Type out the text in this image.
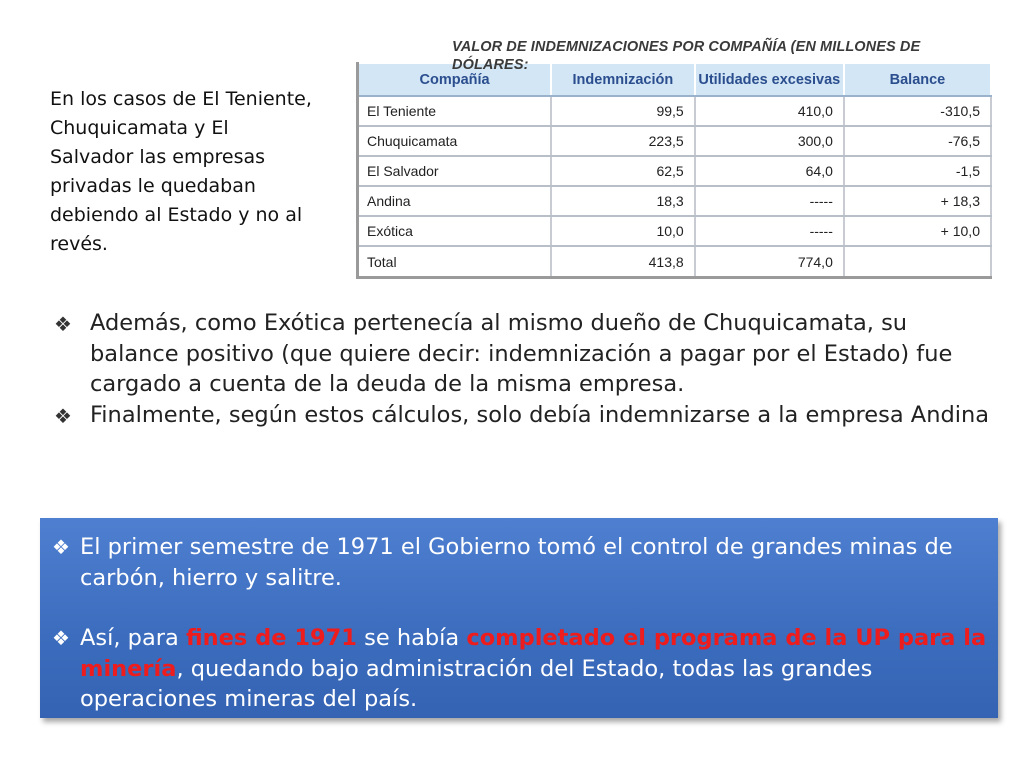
En los casos de El Teniente, Chuquicamata y El Salvador las empresas privadas le quedaban debiendo al Estado y no al revés.
VALOR DE INDEMNIZACIONES POR COMPAÑÍA (EN MILLONES DE DÓLARES:
Compañía	Indemnización	Utilidades excesivas	Balance
El Teniente	99,5	410,0	-310,5
Chuquicamata	223,5	300,0	-76,5
El Salvador	62,5	64,0	-1,5
Andina	18,3	-----	+ 18,3
Exótica	10,0	-----	+ 10,0
Total	413,8	774,0	
❖ Además, como Exótica pertenecía al mismo dueño de Chuquicamata, su balance positivo (que quiere decir: indemnización a pagar por el Estado) fue cargado a cuenta de la deuda de la misma empresa.
❖ Finalmente, según estos cálculos, solo debía indemnizarse a la empresa Andina
❖ El primer semestre de 1971 el Gobierno tomó el control de grandes minas de carbón, hierro y salitre.
❖ Así, para fines de 1971 se había completado el programa de la UP para la minería, quedando bajo administración del Estado, todas las grandes operaciones mineras del país.
